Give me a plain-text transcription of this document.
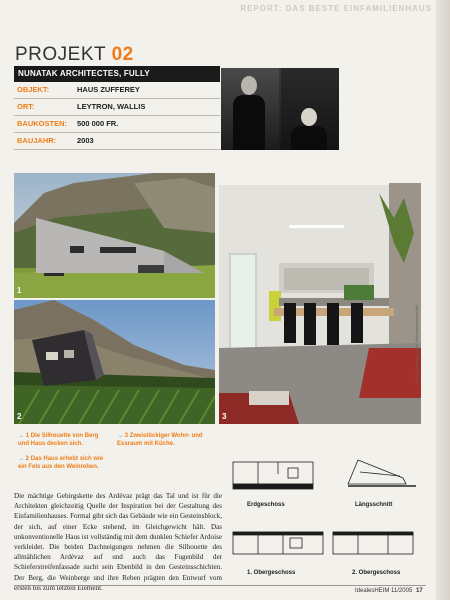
REPORT: DAS BESTE EINFAMILIENHAUS
PROJEKT 02
NUNATAK ARCHITECTES, FULLY
OBJEKT:	HAUS ZUFFEREY
ORT:	LEYTRON, WALLIS
BAUKOSTEN:	500 000 FR.
BAUJAHR:	2003
1
2	3
Foto: Dominique Marc Wehrli/architekturbild
→ 1 Die Silhouette von Berg und Haus decken sich.
→ 2 Das Haus erhebt sich wie ein Fels aus den Weinreben.
→ 3 Zweistöckiger Wohn- und Essraum mit Küche.
Die mächtige Gebirgskette des Ardévaz prägt das Tal und ist für die Architekten gleichzeitig Quelle der Inspiration bei der Gestaltung des Einfamilienhauses. Formal gibt sich das Gebäude wie ein Gesteinsblock, der sich, auf einer Ecke stehend, im Gleichgewicht hält. Das unkonventionelle Haus ist vollständig mit dem dunklen Schiefer Ardoise verkleidet. Die beiden Dachneigungen nehmen die Silhouette des allmählichen Ardévaz auf und auch das Fugenbild der Schieferstreifenfassade sucht sein Ebenbild in den Gesteinsschichten. Der Berg, die Weinberge und ihre Reben prägten den Entwurf vom ersten bis zum letzten Element.
Erdgeschoss	Längsschnitt
1. Obergeschoss	2. Obergeschoss
IdealesHEIM 11/2005 17
